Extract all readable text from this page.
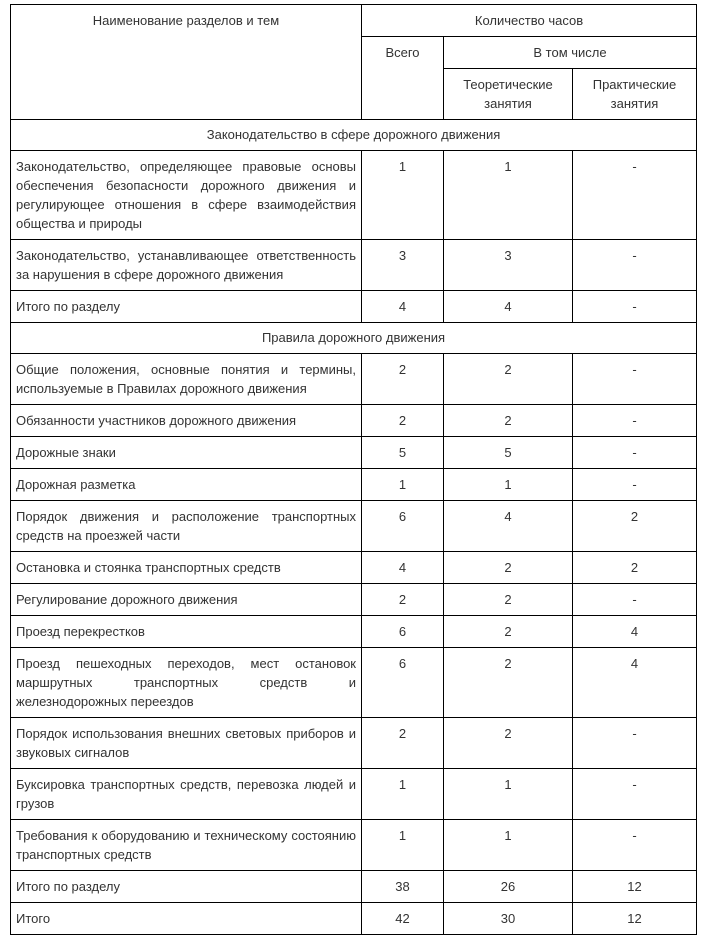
Наименование разделов и тем	Количество часов		
	Всего	В том числе	
		Теоретические занятия	Практические занятия
Законодательство в сфере дорожного движения			
Законодательство, определяющее правовые основы обеспечения безопасности дорожного движения и регулирующее отношения в сфере взаимодействия общества и природы	1	1	-
Законодательство, устанавливающее ответственность за нарушения в сфере дорожного движения	3	3	-
Итого по разделу	4	4	-
Правила дорожного движения			
Общие положения, основные понятия и термины, используемые в Правилах дорожного движения	2	2	-
Обязанности участников дорожного движения	2	2	-
Дорожные знаки	5	5	-
Дорожная разметка	1	1	-
Порядок движения и расположение транспортных средств на проезжей части	6	4	2
Остановка и стоянка транспортных средств	4	2	2
Регулирование дорожного движения	2	2	-
Проезд перекрестков	6	2	4
Проезд пешеходных переходов, мест остановок маршрутных транспортных средств и железнодорожных переездов	6	2	4
Порядок использования внешних световых приборов и звуковых сигналов	2	2	-
Буксировка транспортных средств, перевозка людей и грузов	1	1	-
Требования к оборудованию и техническому состоянию транспортных средств	1	1	-
Итого по разделу	38	26	12
Итого	42	30	12
